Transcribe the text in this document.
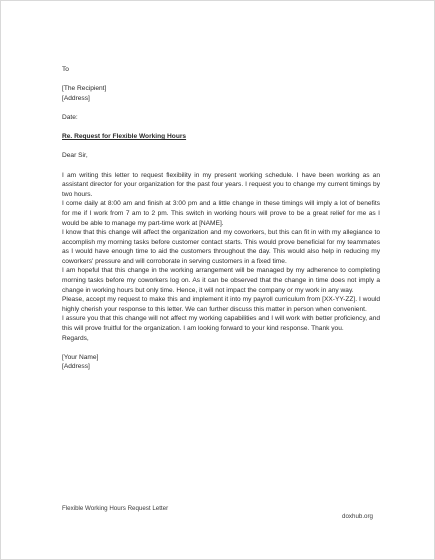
To

[The Recipient]

[Address]

Date:

Re. Request for Flexible Working Hours

Dear Sir,

I am writing this letter to request flexibility in my present working schedule. I have been working as an assistant director for your organization for the past four years. I request you to change my current timings by two hours.

I come daily at 8:00 am and finish at 3:00 pm and a little change in these timings will imply a lot of benefits for me if I work from 7 am to 2 pm. This switch in working hours will prove to be a great relief for me as I would be able to manage my part-time work at [NAME].

I know that this change will affect the organization and my coworkers, but this can fit in with my allegiance to accomplish my morning tasks before customer contact starts. This would prove beneficial for my teammates as I would have enough time to aid the customers throughout the day. This would also help in reducing my coworkers' pressure and will corroborate in serving customers in a fixed time.

I am hopeful that this change in the working arrangement will be managed by my adherence to completing morning tasks before my coworkers log on. As it can be observed that the change in time does not imply a change in working hours but only time. Hence, it will not impact the company or my work in any way.

Please, accept my request to make this and implement it into my payroll curriculum from [XX-YY-ZZ]. I would highly cherish your response to this letter. We can further discuss this matter in person when convenient.

I assure you that this change will not affect my working capabilities and I will work with better proficiency, and this will prove fruitful for the organization. I am looking forward to your kind response. Thank you.

Regards,

[Your Name]

[Address]

Flexible Working Hours Request Letter
doxhub.org
